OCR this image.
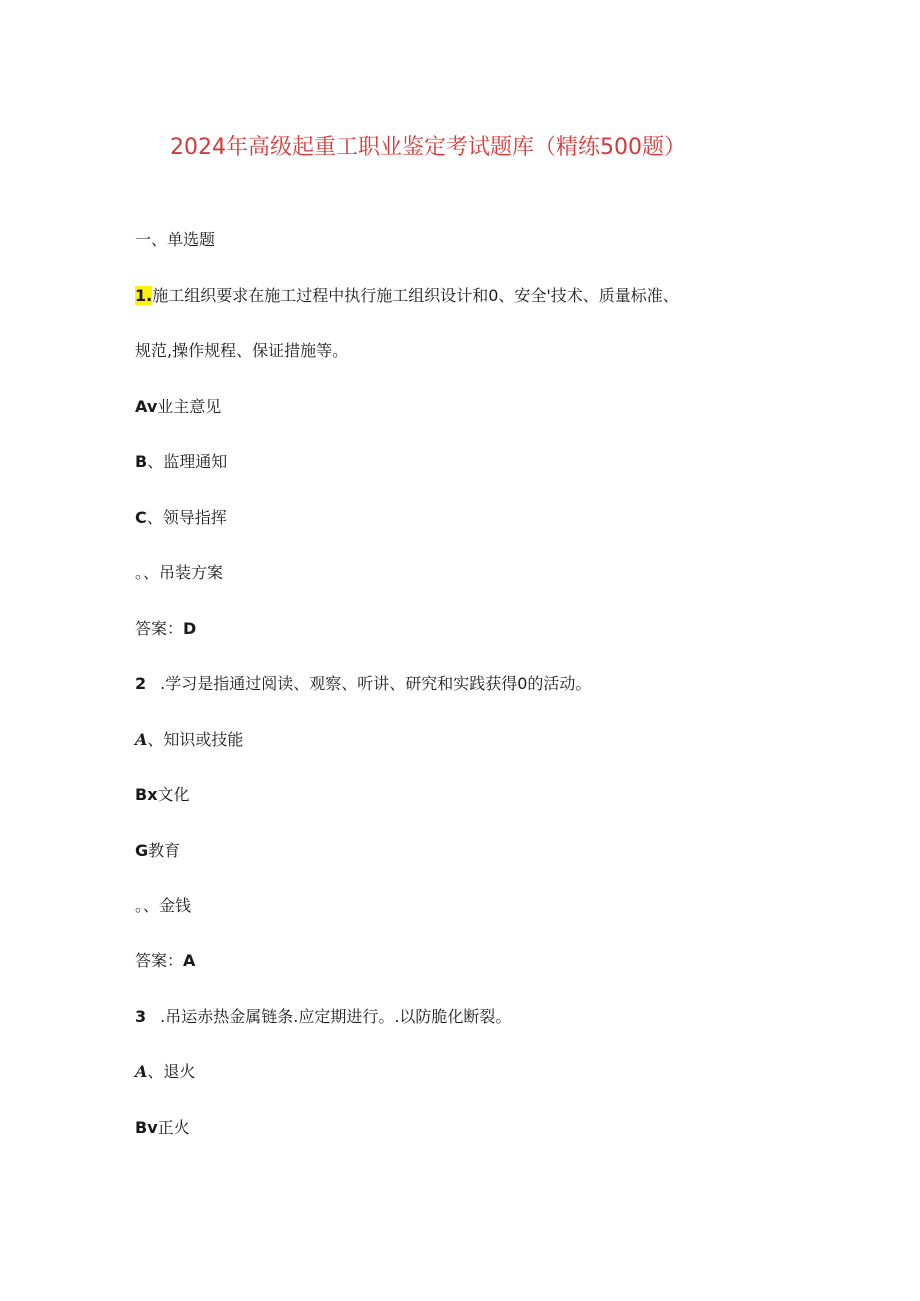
2024年高级起重工职业鉴定考试题库（精练500题）
一、单选题
1.施工组织要求在施工过程中执行施工组织设计和0、安全'技术、质量标准、
规范,操作规程、保证措施等。
Av业主意见
B、监理通知
C、领导指挥
。、吊装方案
答案：D
2 .学习是指通过阅读、观察、听讲、研究和实践获得0的活动。
A、知识或技能
Bx文化
G教育
。、金钱
答案：A
3 .吊运赤热金属链条.应定期进行。.以防脆化断裂。
A、退火
Bv正火
